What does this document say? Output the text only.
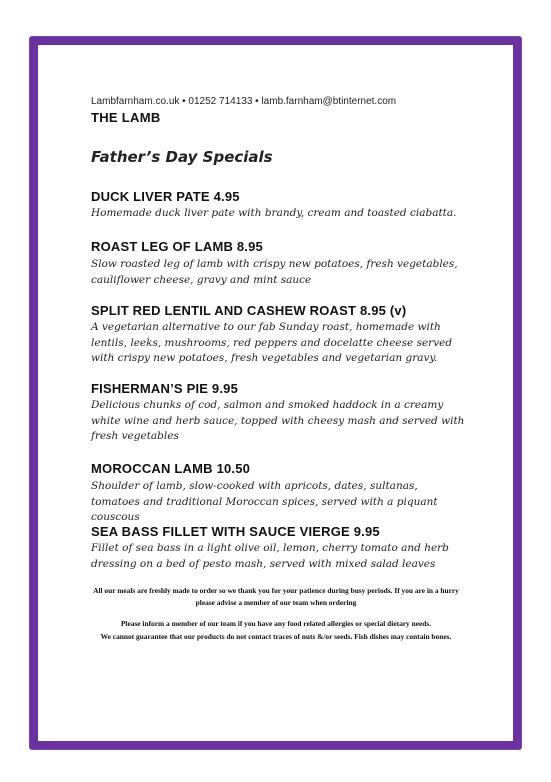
Lambfarnham.co.uk • 01252 714133 • lamb.farnham@btinternet.com
THE LAMB
Father’s Day Specials
DUCK LIVER PATE 4.95
Homemade duck liver pate with brandy, cream and toasted ciabatta.
ROAST LEG OF LAMB 8.95
Slow roasted leg of lamb with crispy new potatoes, fresh vegetables, cauliflower cheese, gravy and mint sauce
SPLIT RED LENTIL AND CASHEW ROAST 8.95 (v)
A vegetarian alternative to our fab Sunday roast, homemade with lentils, leeks, mushrooms, red peppers and docelatte cheese served with crispy new potatoes, fresh vegetables and vegetarian gravy.
FISHERMAN’S PIE 9.95
Delicious chunks of cod, salmon and smoked haddock in a creamy white wine and herb sauce, topped with cheesy mash and served with fresh vegetables
MOROCCAN LAMB 10.50
Shoulder of lamb, slow-cooked with apricots, dates, sultanas, tomatoes and traditional Moroccan spices, served with a piquant couscous
SEA BASS FILLET WITH SAUCE VIERGE 9.95
Fillet of sea bass in a light olive oil, lemon, cherry tomato and herb dressing on a bed of pesto mash, served with mixed salad leaves
All our meals are freshly made to order so we thank you for your patience during busy periods. If you are in a hurry please advise a member of our team when ordering
Please inform a member of our team if you have any food related allergies or special dietary needs.
We cannot guarantee that our products do not contact traces of nuts &/or seeds. Fish dishes may contain bones.
